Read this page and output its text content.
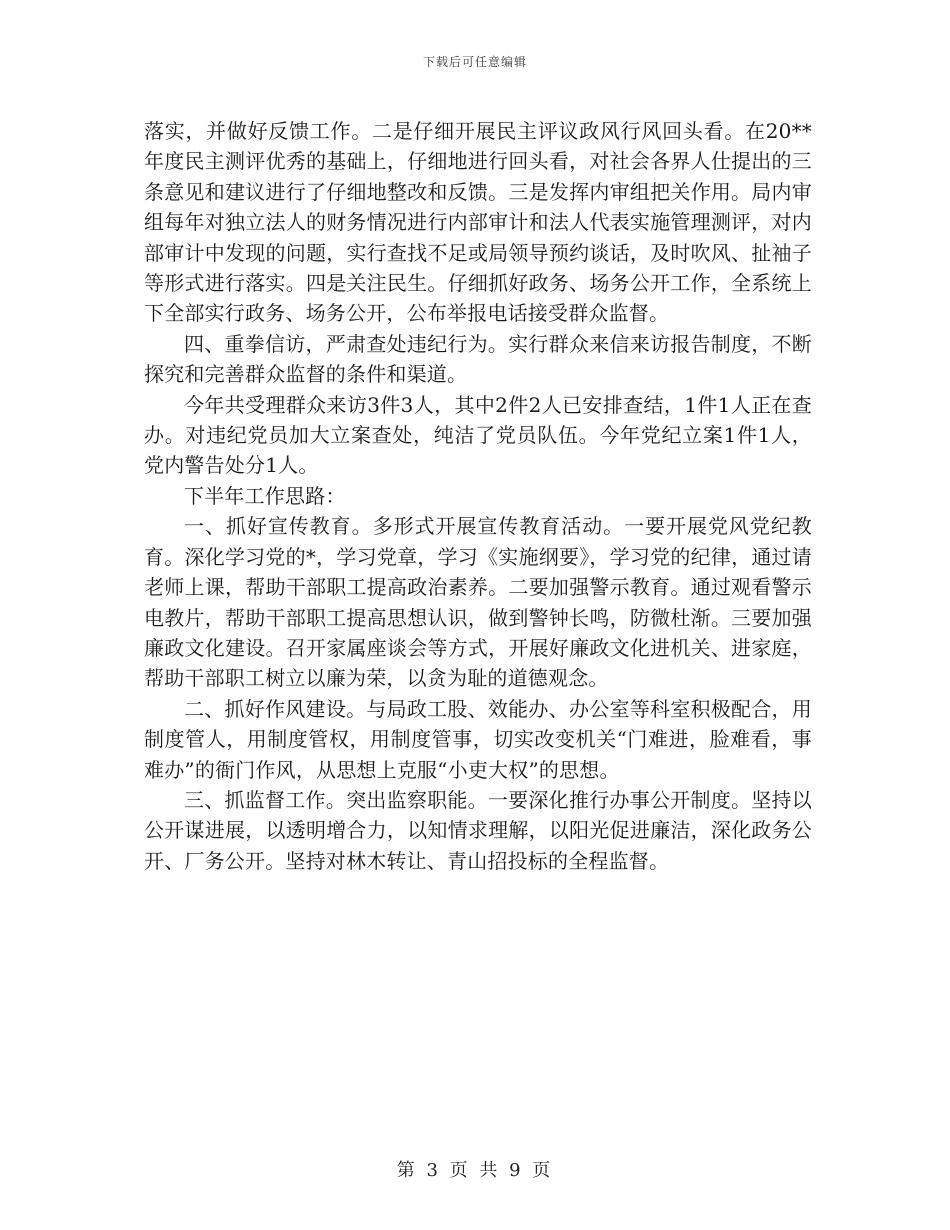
下载后可任意编辑

落实，并做好反馈工作。二是仔细开展民主评议政风行风回头看。在20**年度民主测评优秀的基础上，仔细地进行回头看，对社会各界人仕提出的三条意见和建议进行了仔细地整改和反馈。三是发挥内审组把关作用。局内审组每年对独立法人的财务情况进行内部审计和法人代表实施管理测评，对内部审计中发现的问题，实行查找不足或局领导预约谈话，及时吹风、扯袖子等形式进行落实。四是关注民生。仔细抓好政务、场务公开工作，全系统上下全部实行政务、场务公开，公布举报电话接受群众监督。

四、重拳信访，严肃查处违纪行为。实行群众来信来访报告制度，不断探究和完善群众监督的条件和渠道。

今年共受理群众来访3件3人，其中2件2人已安排查结，1件1人正在查办。对违纪党员加大立案查处，纯洁了党员队伍。今年党纪立案1件1人，党内警告处分1人。

下半年工作思路：

一、抓好宣传教育。多形式开展宣传教育活动。一要开展党风党纪教育。深化学习党的*，学习党章，学习《实施纲要》，学习党的纪律，通过请老师上课，帮助干部职工提高政治素养。二要加强警示教育。通过观看警示电教片，帮助干部职工提高思想认识，做到警钟长鸣，防微杜渐。三要加强廉政文化建设。召开家属座谈会等方式，开展好廉政文化进机关、进家庭，帮助干部职工树立以廉为荣，以贪为耻的道德观念。

二、抓好作风建设。与局政工股、效能办、办公室等科室积极配合，用制度管人，用制度管权，用制度管事，切实改变机关“门难进，脸难看，事难办”的衙门作风，从思想上克服“小吏大权”的思想。

三、抓监督工作。突出监察职能。一要深化推行办事公开制度。坚持以公开谋进展，以透明增合力，以知情求理解，以阳光促进廉洁，深化政务公开、厂务公开。坚持对林木转让、青山招投标的全程监督。

第 3 页 共 9 页
